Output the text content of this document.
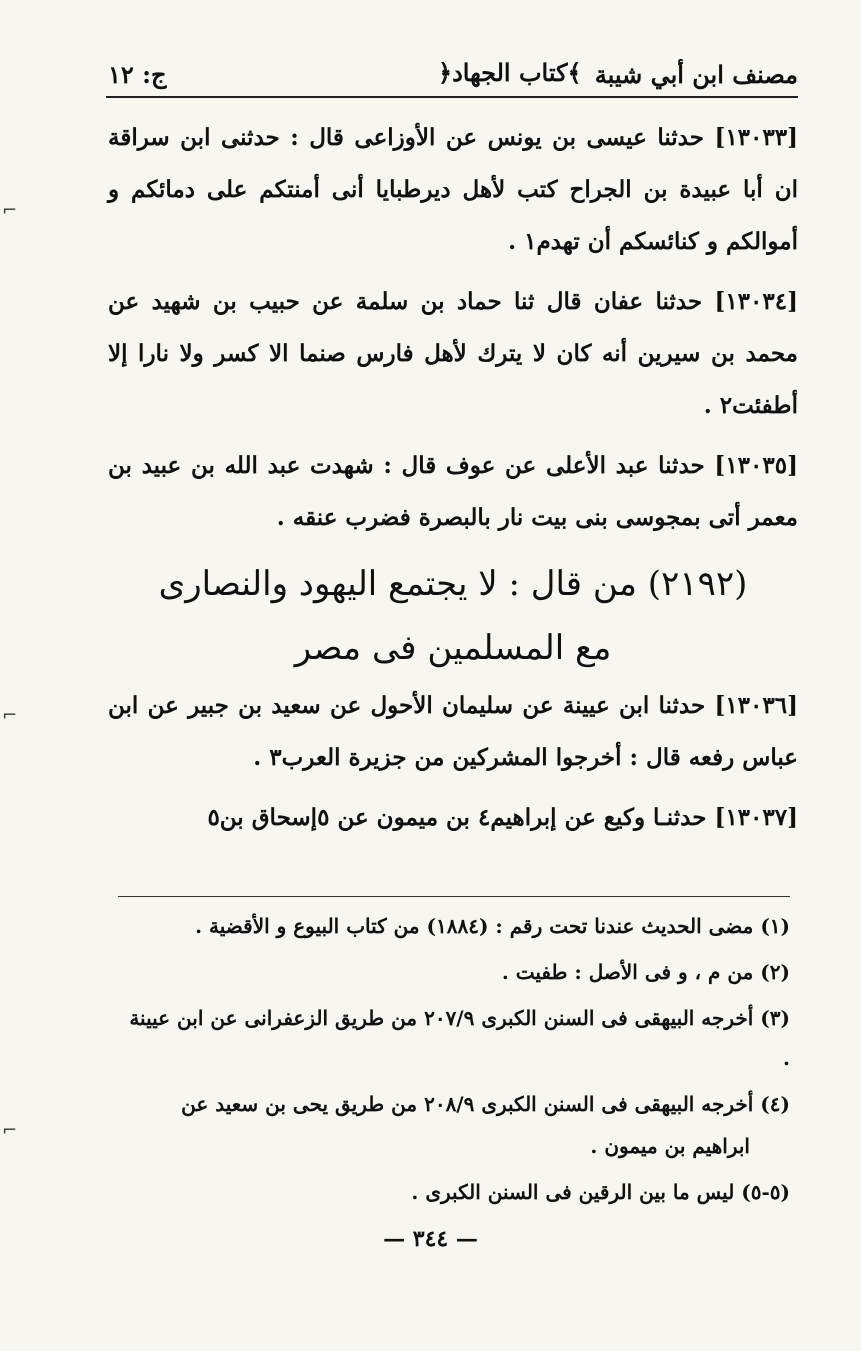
ج: ١٢	﴿كتاب الجهاد﴾ مصنف ابن أبي شيبة

[١٣٠٣٣] حدثنا عيسى بن يونس عن الأوزاعى قال : حدثنى ابن سراقة ان أبا عبيدة بن الجراح كتب لأهل ديرطبايا أنى أمنتكم على دمائكم و أموالكم و كنائسكم أن تهدم١ .

[١٣٠٣٤] حدثنا عفان قال ثنا حماد بن سلمة عن حبيب بن شهيد عن محمد بن سيرين أنه كان لا يترك لأهل فارس صنما الا كسر ولا نارا إلا أطفئت٢ .

[١٣٠٣٥] حدثنا عبد الأعلى عن عوف قال : شهدت عبد الله بن عبيد بن معمر أتى بمجوسى بنى بيت نار بالبصرة فضرب عنقه .

(٢١٩٢) من قال : لا يجتمع اليهود والنصارى

مع المسلمين فى مصر

[١٣٠٣٦] حدثنا ابن عيينة عن سليمان الأحول عن سعيد بن جبير عن ابن عباس رفعه قال : أخرجوا المشركين من جزيرة العرب٣ .

[١٣٠٣٧] حدثنـا وكيع عن إبراهيم٤ بن ميمون عن ٥إسحاق بن٥

(١) مضى الحديث عندنا تحت رقم : (١٨٨٤) من كتاب البيوع و الأقضية .

(٢) من م ، و فى الأصل : طفيت .

(٣) أخرجه البيهقى فى السنن الكبرى ٢٠٧/٩ من طريق الزعفرانى عن ابن عيينة .

(٤) أخرجه البيهقى فى السنن الكبرى ٢٠٨/٩ من طريق يحى بن سعيد عن

ابراهيم بن ميمون .

(٥-٥) ليس ما بين الرقين فى السنن الكبرى .

— ٣٤٤ —
⌐
⌐
⌐
